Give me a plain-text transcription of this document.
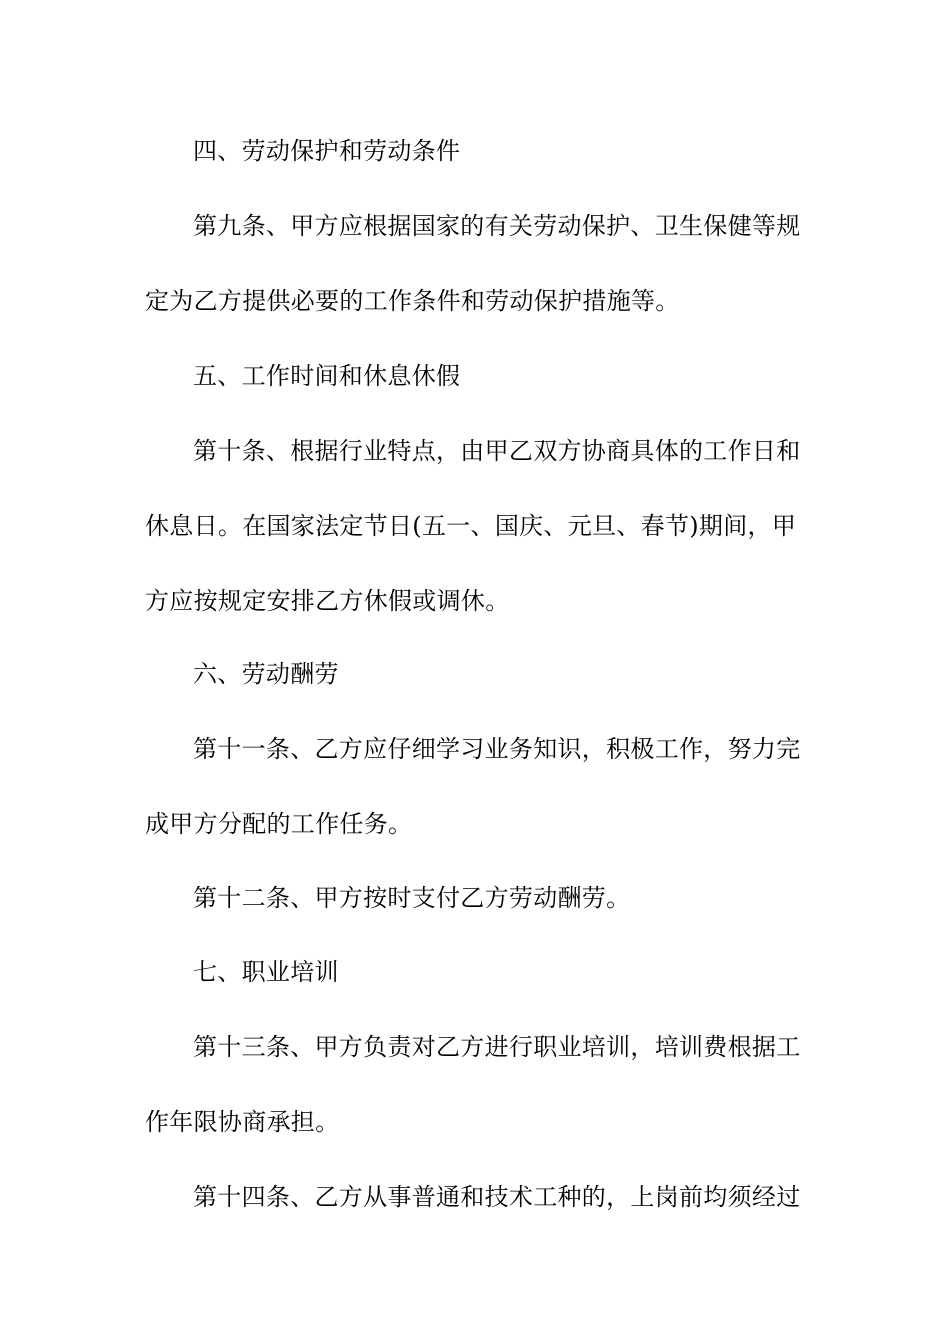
四、劳动保护和劳动条件
第九条、甲方应根据国家的有关劳动保护、卫生保健等规
定为乙方提供必要的工作条件和劳动保护措施等。
五、工作时间和休息休假
第十条、根据行业特点，由甲乙双方协商具体的工作日和
休息日。在国家法定节日(五一、国庆、元旦、春节)期间，甲
方应按规定安排乙方休假或调休。
六、劳动酬劳
第十一条、乙方应仔细学习业务知识，积极工作，努力完
成甲方分配的工作任务。
第十二条、甲方按时支付乙方劳动酬劳。
七、职业培训
第十三条、甲方负责对乙方进行职业培训，培训费根据工
作年限协商承担。
第十四条、乙方从事普通和技术工种的，上岗前均须经过
